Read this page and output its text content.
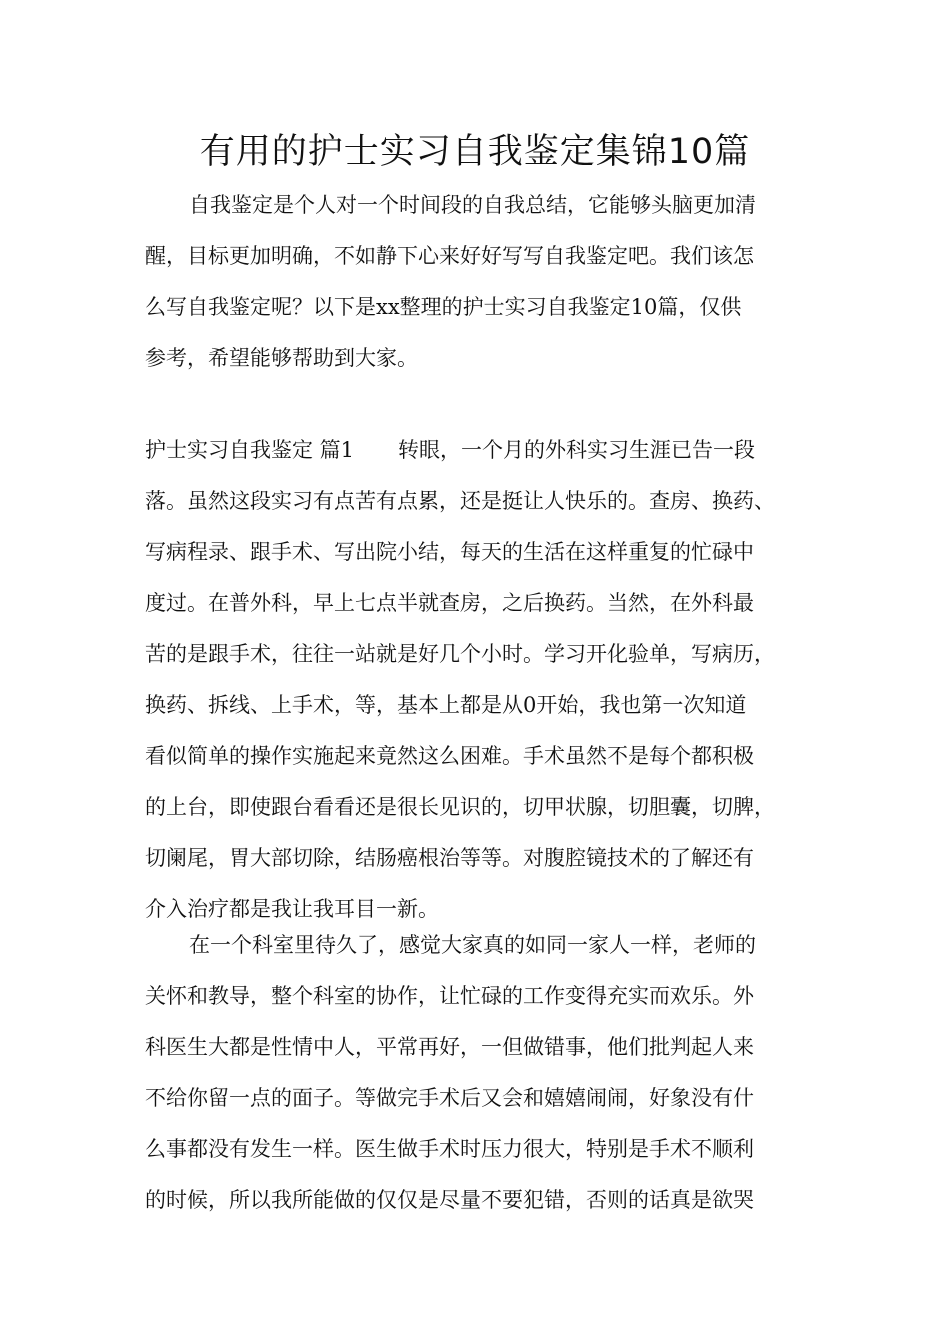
有用的护士实习自我鉴定集锦10篇
自我鉴定是个人对一个时间段的自我总结，它能够头脑更加清
醒，目标更加明确，不如静下心来好好写写自我鉴定吧。我们该怎
么写自我鉴定呢？以下是xx整理的护士实习自我鉴定10篇，仅供
参考，希望能够帮助到大家。
护士实习自我鉴定 篇1 转眼，一个月的外科实习生涯已告一段
落。虽然这段实习有点苦有点累，还是挺让人快乐的。查房、换药、
写病程录、跟手术、写出院小结，每天的生活在这样重复的忙碌中
度过。在普外科，早上七点半就查房，之后换药。当然，在外科最
苦的是跟手术，往往一站就是好几个小时。学习开化验单，写病历，
换药、拆线、上手术，等，基本上都是从0开始，我也第一次知道
看似简单的操作实施起来竟然这么困难。手术虽然不是每个都积极
的上台，即使跟台看看还是很长见识的，切甲状腺，切胆囊，切脾，
切阑尾，胃大部切除，结肠癌根治等等。对腹腔镜技术的了解还有
介入治疗都是我让我耳目一新。
在一个科室里待久了，感觉大家真的如同一家人一样，老师的
关怀和教导，整个科室的协作，让忙碌的工作变得充实而欢乐。外
科医生大都是性情中人，平常再好，一但做错事，他们批判起人来
不给你留一点的面子。等做完手术后又会和嬉嬉闹闹，好象没有什
么事都没有发生一样。医生做手术时压力很大，特别是手术不顺利
的时候，所以我所能做的仅仅是尽量不要犯错，否则的话真是欲哭
